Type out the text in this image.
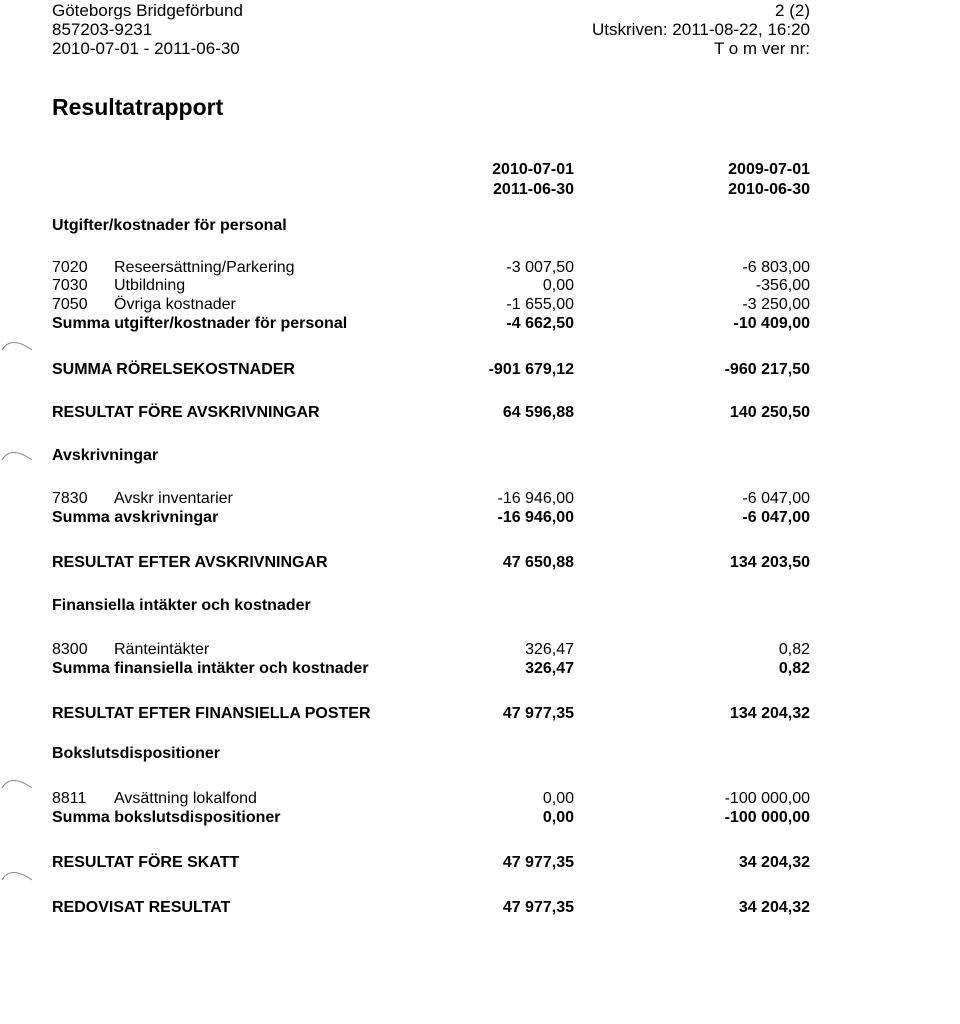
Göteborgs Bridgeförbund
857203-9231
2010-07-01 - 2011-06-30
2 (2)
Utskriven: 2011-08-22, 16:20
T o m ver nr:
Resultatrapport
2010-07-01
2011-06-30
2009-07-01
2010-06-30
Utgifter/kostnader för personal
7020 Reseersättning/Parkering	-3 007,50	-6 803,00
7030 Utbildning	0,00	-356,00
7050 Övriga kostnader	-1 655,00	-3 250,00
Summa utgifter/kostnader för personal	-4 662,50	-10 409,00
SUMMA RÖRELSEKOSTNADER	-901 679,12	-960 217,50
RESULTAT FÖRE AVSKRIVNINGAR	64 596,88	140 250,50
Avskrivningar
7830 Avskr inventarier	-16 946,00	-6 047,00
Summa avskrivningar	-16 946,00	-6 047,00
RESULTAT EFTER AVSKRIVNINGAR	47 650,88	134 203,50
Finansiella intäkter och kostnader
8300 Ränteintäkter	326,47	0,82
Summa finansiella intäkter och kostnader	326,47	0,82
RESULTAT EFTER FINANSIELLA POSTER	47 977,35	134 204,32
Bokslutsdispositioner
8811 Avsättning lokalfond	0,00	-100 000,00
Summa bokslutsdispositioner	0,00	-100 000,00
RESULTAT FÖRE SKATT	47 977,35	34 204,32
REDOVISAT RESULTAT	47 977,35	34 204,32
